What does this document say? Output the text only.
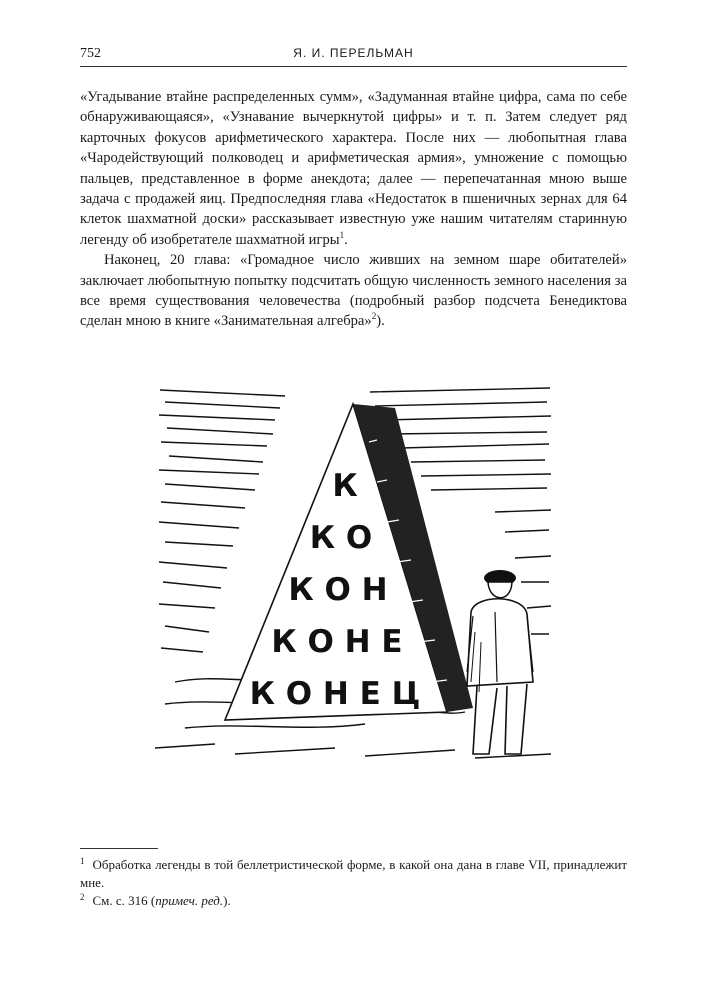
752	Я. И. ПЕРЕЛЬМАН

«Угадывание втайне распределенных сумм», «Задуманная втайне цифра, сама по себе обнаруживающаяся», «Узнавание вычеркнутой цифры» и т. п. Затем следует ряд карточных фокусов арифметического характера. После них — любопытная глава «Чародействующий полководец и арифметическая армия», умножение с помощью пальцев, представленное в форме анекдота; далее — перепечатанная мною выше задача с продажей яиц. Предпоследняя глава «Недостаток в пшеничных зернах для 64 клеток шахматной доски» рассказывает известную уже нашим читателям старинную легенду об изобретателе шахматной игры$^1$.

Наконец, 20 глава: «Громадное число живших на земном шаре обитателей» заключает любопытную попытку подсчитать общую численность земного населения за все время существования человечества (подробный разбор подсчета Бенедиктова сделан мною в книге «Занимательная алгебра»$^2$).

К
К О
К О Н
К О Н Е
К О Н Е Ц

$^1$ Обработка легенды в той беллетристической форме, в какой она дана в главе VII, принадлежит мне.

$^2$ См. с. 316 (примеч. ред.).
